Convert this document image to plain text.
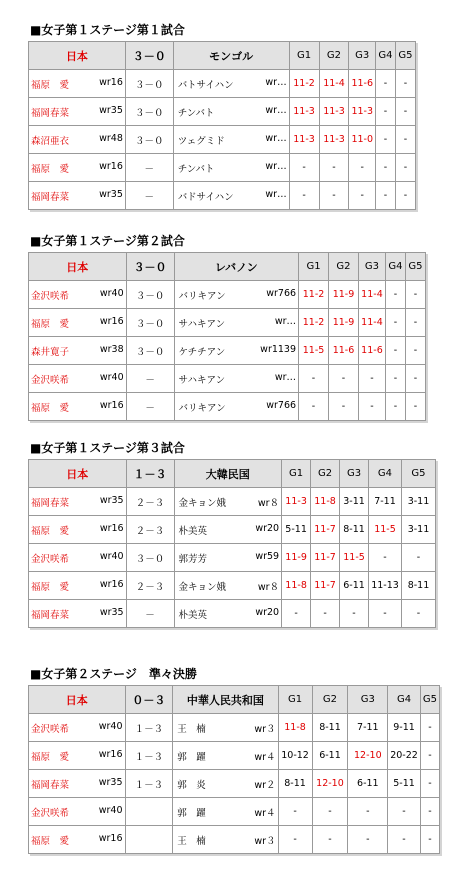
■女子第１ステージ第１試合
日本	３－０	モンゴル	G1	G2	G3	G4	G5
福原　愛 wr16	３－０	バトサイハン wr…	11-2	11-4	11-6	-	-
福岡春菜 wr35	３－０	チンバト wr…	11-3	11-3	11-3	-	-
森沼亜衣 wr48	３－０	ツェグミド wr…	11-3	11-3	11-0	-	-
福原　愛 wr16	－	チンバト wr…	-	-	-	-	-
福岡春菜 wr35	－	バドサイハン wr…	-	-	-	-	-
■女子第１ステージ第２試合
日本	３－０	レバノン	G1	G2	G3	G4	G5
金沢咲希 wr40	３－０	バリキアン wr766	11-2	11-9	11-4	-	-
福原　愛 wr16	３－０	サハキアン wr…	11-2	11-9	11-4	-	-
森井寛子 wr38	３－０	ケチチアン wr1139	11-5	11-6	11-6	-	-
金沢咲希 wr40	－	サハキアン wr…	-	-	-	-	-
福原　愛 wr16	－	バリキアン wr766	-	-	-	-	-
■女子第１ステージ第３試合
日本	１－３	大韓民国	G1	G2	G3	G4	G5
福岡春菜 wr35	２－３	金キョン娥 wr８	11-3	11-8	3-11	7-11	3-11
福原　愛 wr16	２－３	朴美英 wr20	5-11	11-7	8-11	11-5	3-11
金沢咲希 wr40	３－０	郭芳芳 wr59	11-9	11-7	11-5	-	-
福原　愛 wr16	２－３	金キョン娥 wr８	11-8	11-7	6-11	11-13	8-11
福岡春菜 wr35	－	朴美英 wr20	-	-	-	-	-
■女子第２ステージ　準々決勝
日本	０－３	中華人民共和国	G1	G2	G3	G4	G5
金沢咲希 wr40	１－３	王　楠 wr３	11-8	8-11	7-11	9-11	-
福原　愛 wr16	１－３	郭　躍 wr４	10-12	6-11	12-10	20-22	-
福岡春菜 wr35	１－３	郭　炎 wr２	8-11	12-10	6-11	5-11	-
金沢咲希 wr40		郭　躍 wr４	-	-	-	-	-
福原　愛 wr16		王　楠 wr３	-	-	-	-	-
